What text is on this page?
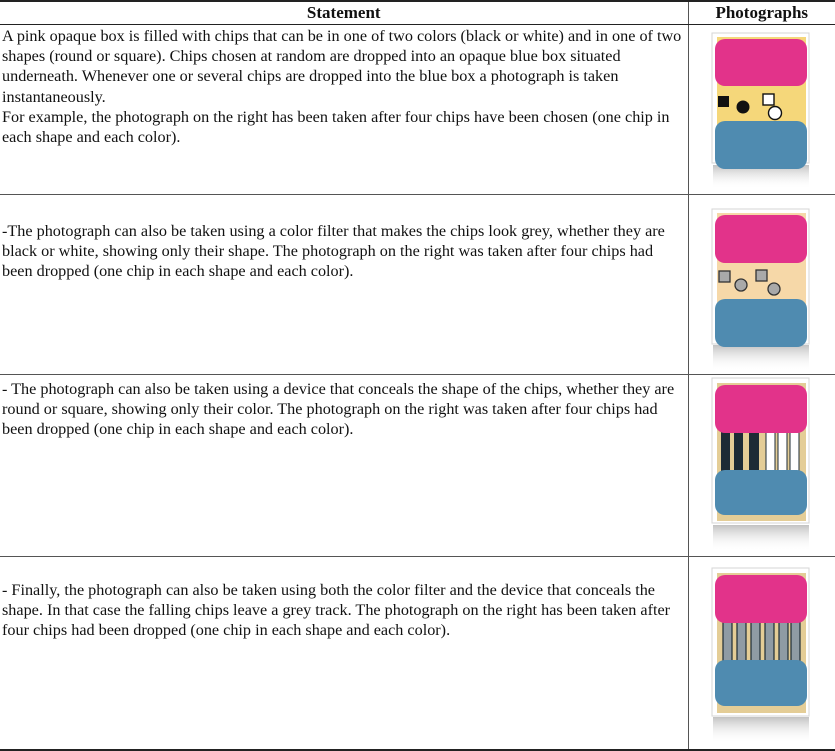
Statement	Photographs

A pink opaque box is filled with chips that can be in one of two colors (black or white) and in one of two shapes (round or square). Chips chosen at random are dropped into an opaque blue box situated underneath. Whenever one or several chips are dropped into the blue box a photograph is taken instantaneously.

For example, the photograph on the right has been taken after four chips have been chosen (one chip in each shape and each color).

-The photograph can also be taken using a color filter that makes the chips look grey, whether they are black or white, showing only their shape. The photograph on the right was taken after four chips had been dropped (one chip in each shape and each color).

- The photograph can also be taken using a device that conceals the shape of the chips, whether they are round or square, showing only their color. The photograph on the right was taken after four chips had been dropped (one chip in each shape and each color).

- Finally, the photograph can also be taken using both the color filter and the device that conceals the shape. In that case the falling chips leave a grey track. The photograph on the right has been taken after four chips had been dropped (one chip in each shape and each color).
